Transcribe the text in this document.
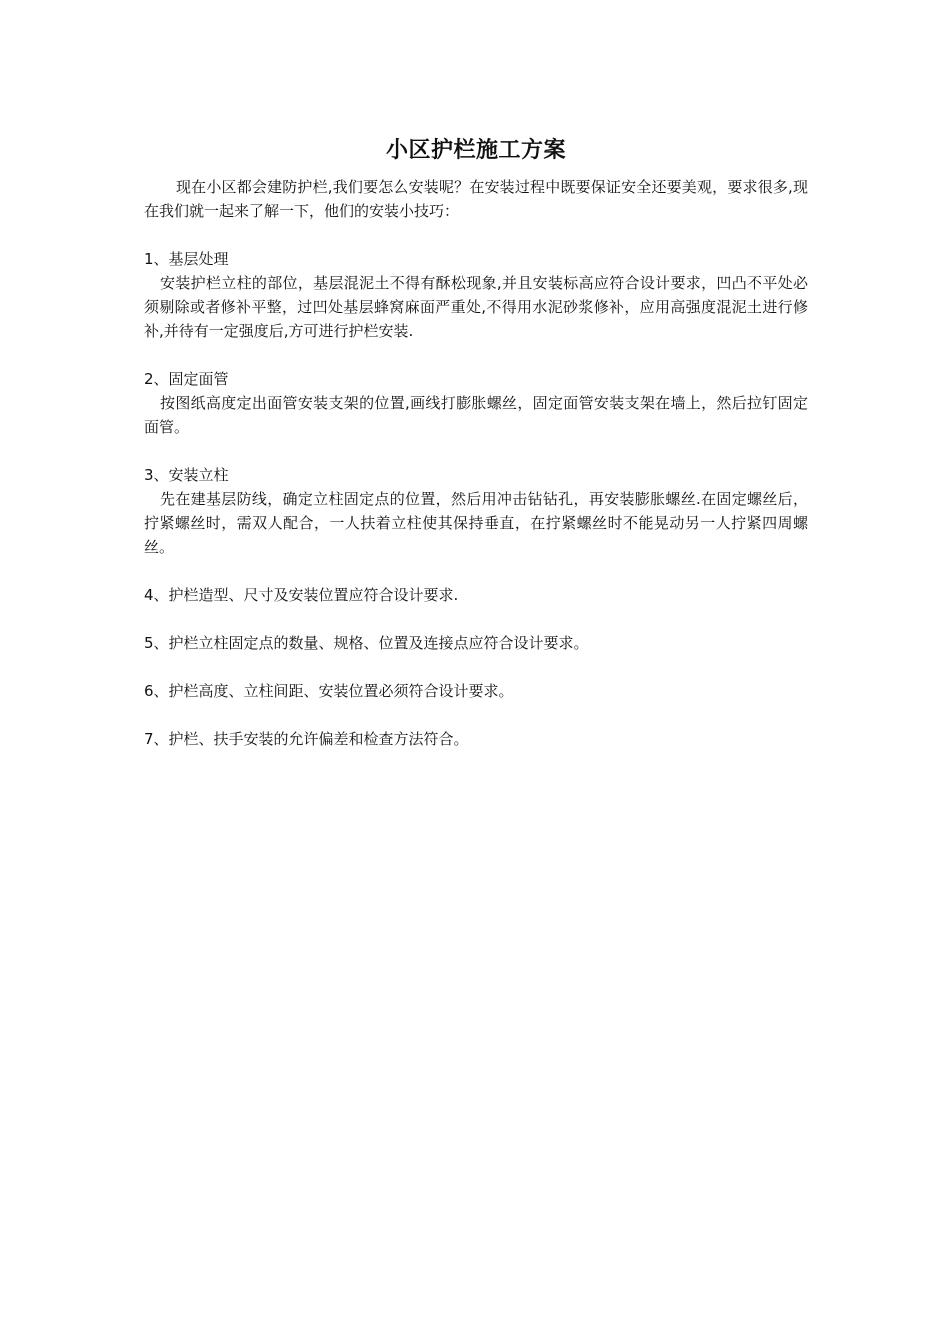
小区护栏施工方案

现在小区都会建防护栏,我们要怎么安装呢？在安装过程中既要保证安全还要美观，要求很多,现在我们就一起来了解一下，他们的安装小技巧：

1、基层处理

安装护栏立柱的部位，基层混泥土不得有酥松现象,并且安装标高应符合设计要求，凹凸不平处必须剔除或者修补平整，过凹处基层蜂窝麻面严重处,不得用水泥砂浆修补，应用高强度混泥土进行修补,并待有一定强度后,方可进行护栏安装.

2、固定面管

按图纸高度定出面管安装支架的位置,画线打膨胀螺丝，固定面管安装支架在墙上，然后拉钉固定面管。

3、安装立柱

先在建基层防线，确定立柱固定点的位置，然后用冲击钻钻孔，再安装膨胀螺丝.在固定螺丝后，拧紧螺丝时，需双人配合，一人扶着立柱使其保持垂直，在拧紧螺丝时不能晃动另一人拧紧四周螺丝。

4、护栏造型、尺寸及安装位置应符合设计要求.

5、护栏立柱固定点的数量、规格、位置及连接点应符合设计要求。

6、护栏高度、立柱间距、安装位置必须符合设计要求。

7、护栏、扶手安装的允许偏差和检查方法符合。
